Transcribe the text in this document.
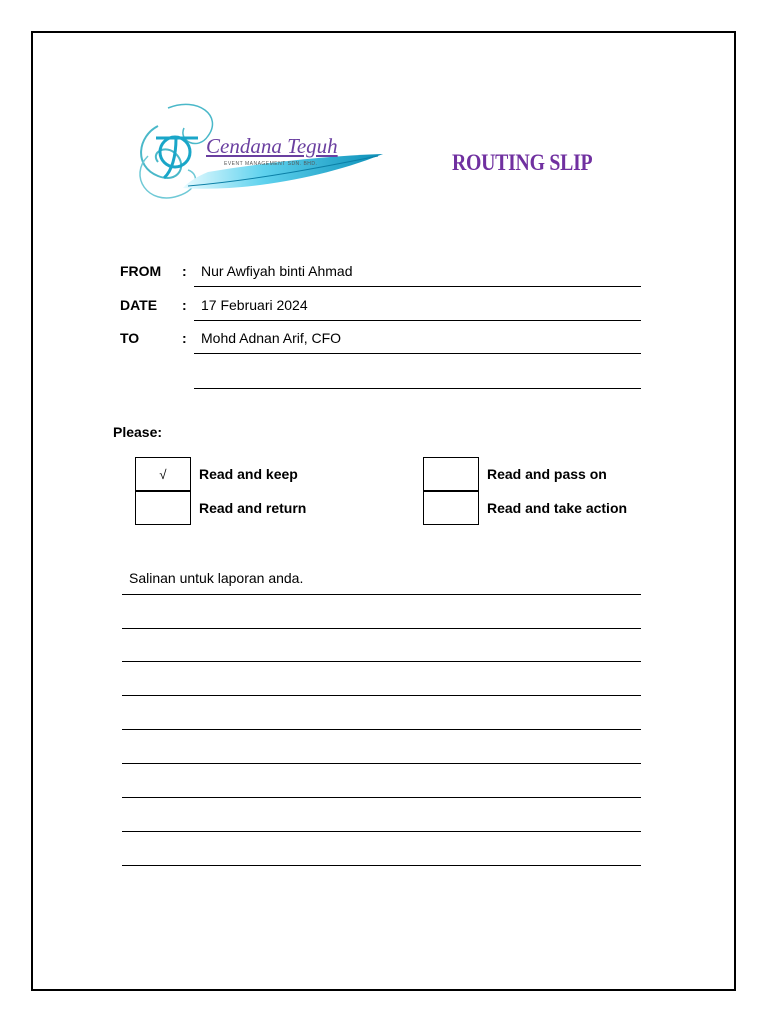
Cendana Teguh
EVENT MANAGEMENT SDN. BHD.	ROUTING SLIP
FROM : Nur Awfiyah binti Ahmad
DATE : 17 Februari 2024
TO	: Mohd Adnan Arif, CFO
Please:
√ Read and keep
Read and return
Read and pass on
Read and take action
Salinan untuk laporan anda.
